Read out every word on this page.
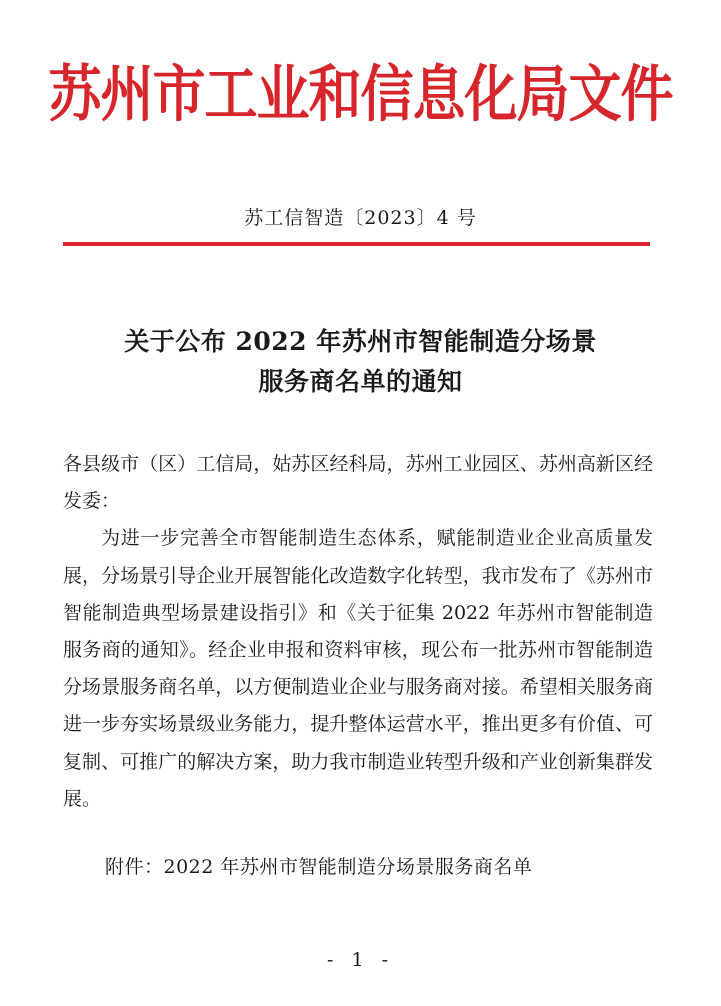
苏州市工业和信息化局文件
苏工信智造〔2023〕4 号
关于公布 2022 年苏州市智能制造分场景
服务商名单的通知

各县级市（区）工信局，姑苏区经科局，苏州工业园区、苏州高新区经发委：

为进一步完善全市智能制造生态体系，赋能制造业企业高质量发展，分场景引导企业开展智能化改造数字化转型，我市发布了《苏州市智能制造典型场景建设指引》和《关于征集 2022 年苏州市智能制造服务商的通知》。经企业申报和资料审核，现公布一批苏州市智能制造分场景服务商名单，以方便制造业企业与服务商对接。希望相关服务商进一步夯实场景级业务能力，提升整体运营水平，推出更多有价值、可复制、可推广的解决方案，助力我市制造业转型升级和产业创新集群发展。

附件：2022 年苏州市智能制造分场景服务商名单
- 1 -
